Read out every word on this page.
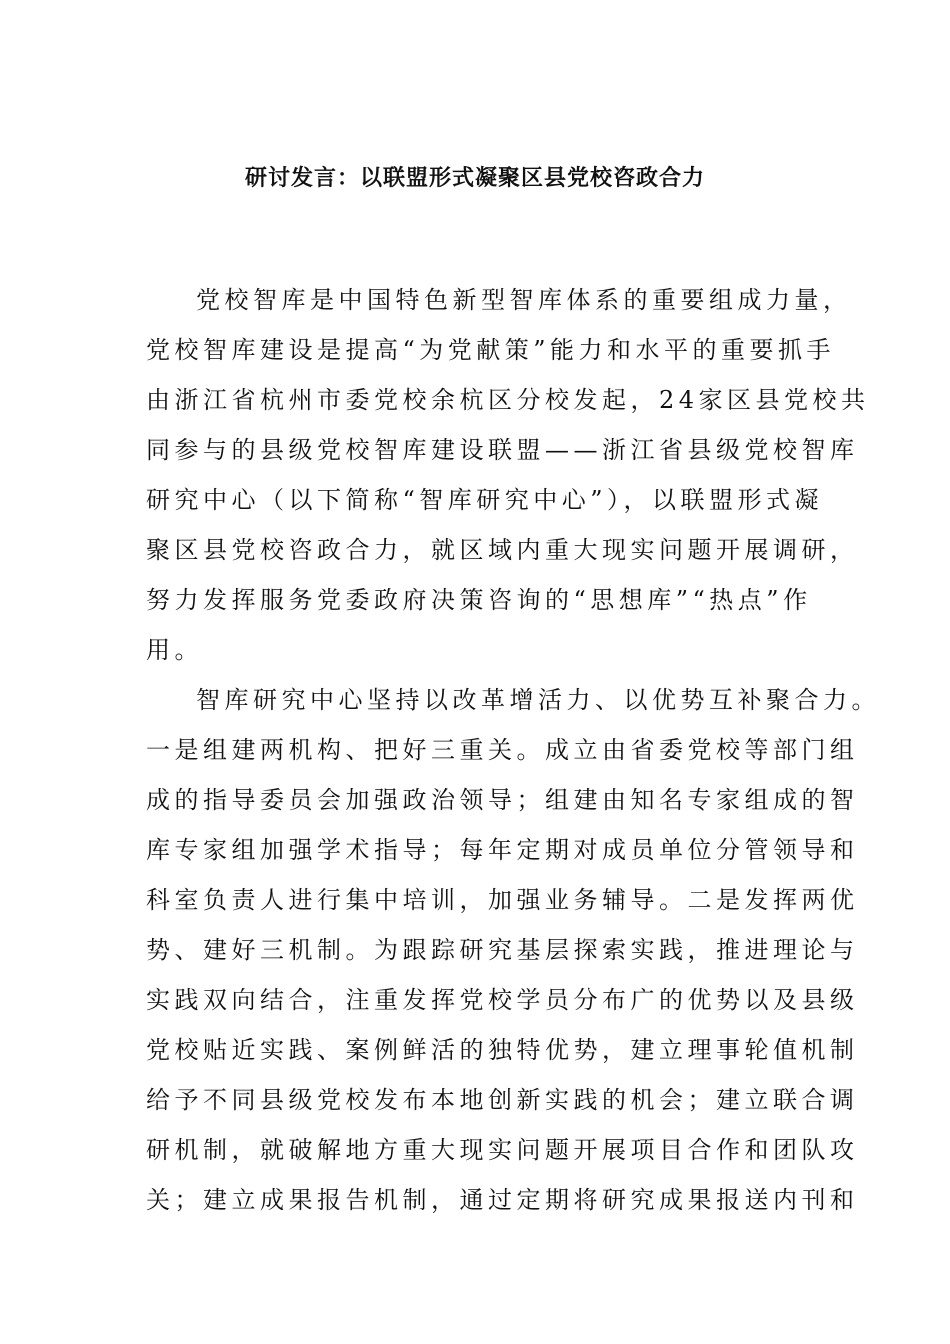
研讨发言：以联盟形式凝聚区县党校咨政合力
党校智库是中国特色新型智库体系的重要组成力量，
党校智库建设是提高“为党献策”能力和水平的重要抓手
由浙江省杭州市委党校余杭区分校发起，24家区县党校共
同参与的县级党校智库建设联盟——浙江省县级党校智库
研究中心（以下简称“智库研究中心”），以联盟形式凝
聚区县党校咨政合力，就区域内重大现实问题开展调研，
努力发挥服务党委政府决策咨询的“思想库”“热点”作
用。
智库研究中心坚持以改革增活力、以优势互补聚合力。
一是组建两机构、把好三重关。成立由省委党校等部门组
成的指导委员会加强政治领导；组建由知名专家组成的智
库专家组加强学术指导；每年定期对成员单位分管领导和
科室负责人进行集中培训，加强业务辅导。二是发挥两优
势、建好三机制。为跟踪研究基层探索实践，推进理论与
实践双向结合，注重发挥党校学员分布广的优势以及县级
党校贴近实践、案例鲜活的独特优势，建立理事轮值机制
给予不同县级党校发布本地创新实践的机会；建立联合调
研机制，就破解地方重大现实问题开展项目合作和团队攻
关；建立成果报告机制，通过定期将研究成果报送内刊和
